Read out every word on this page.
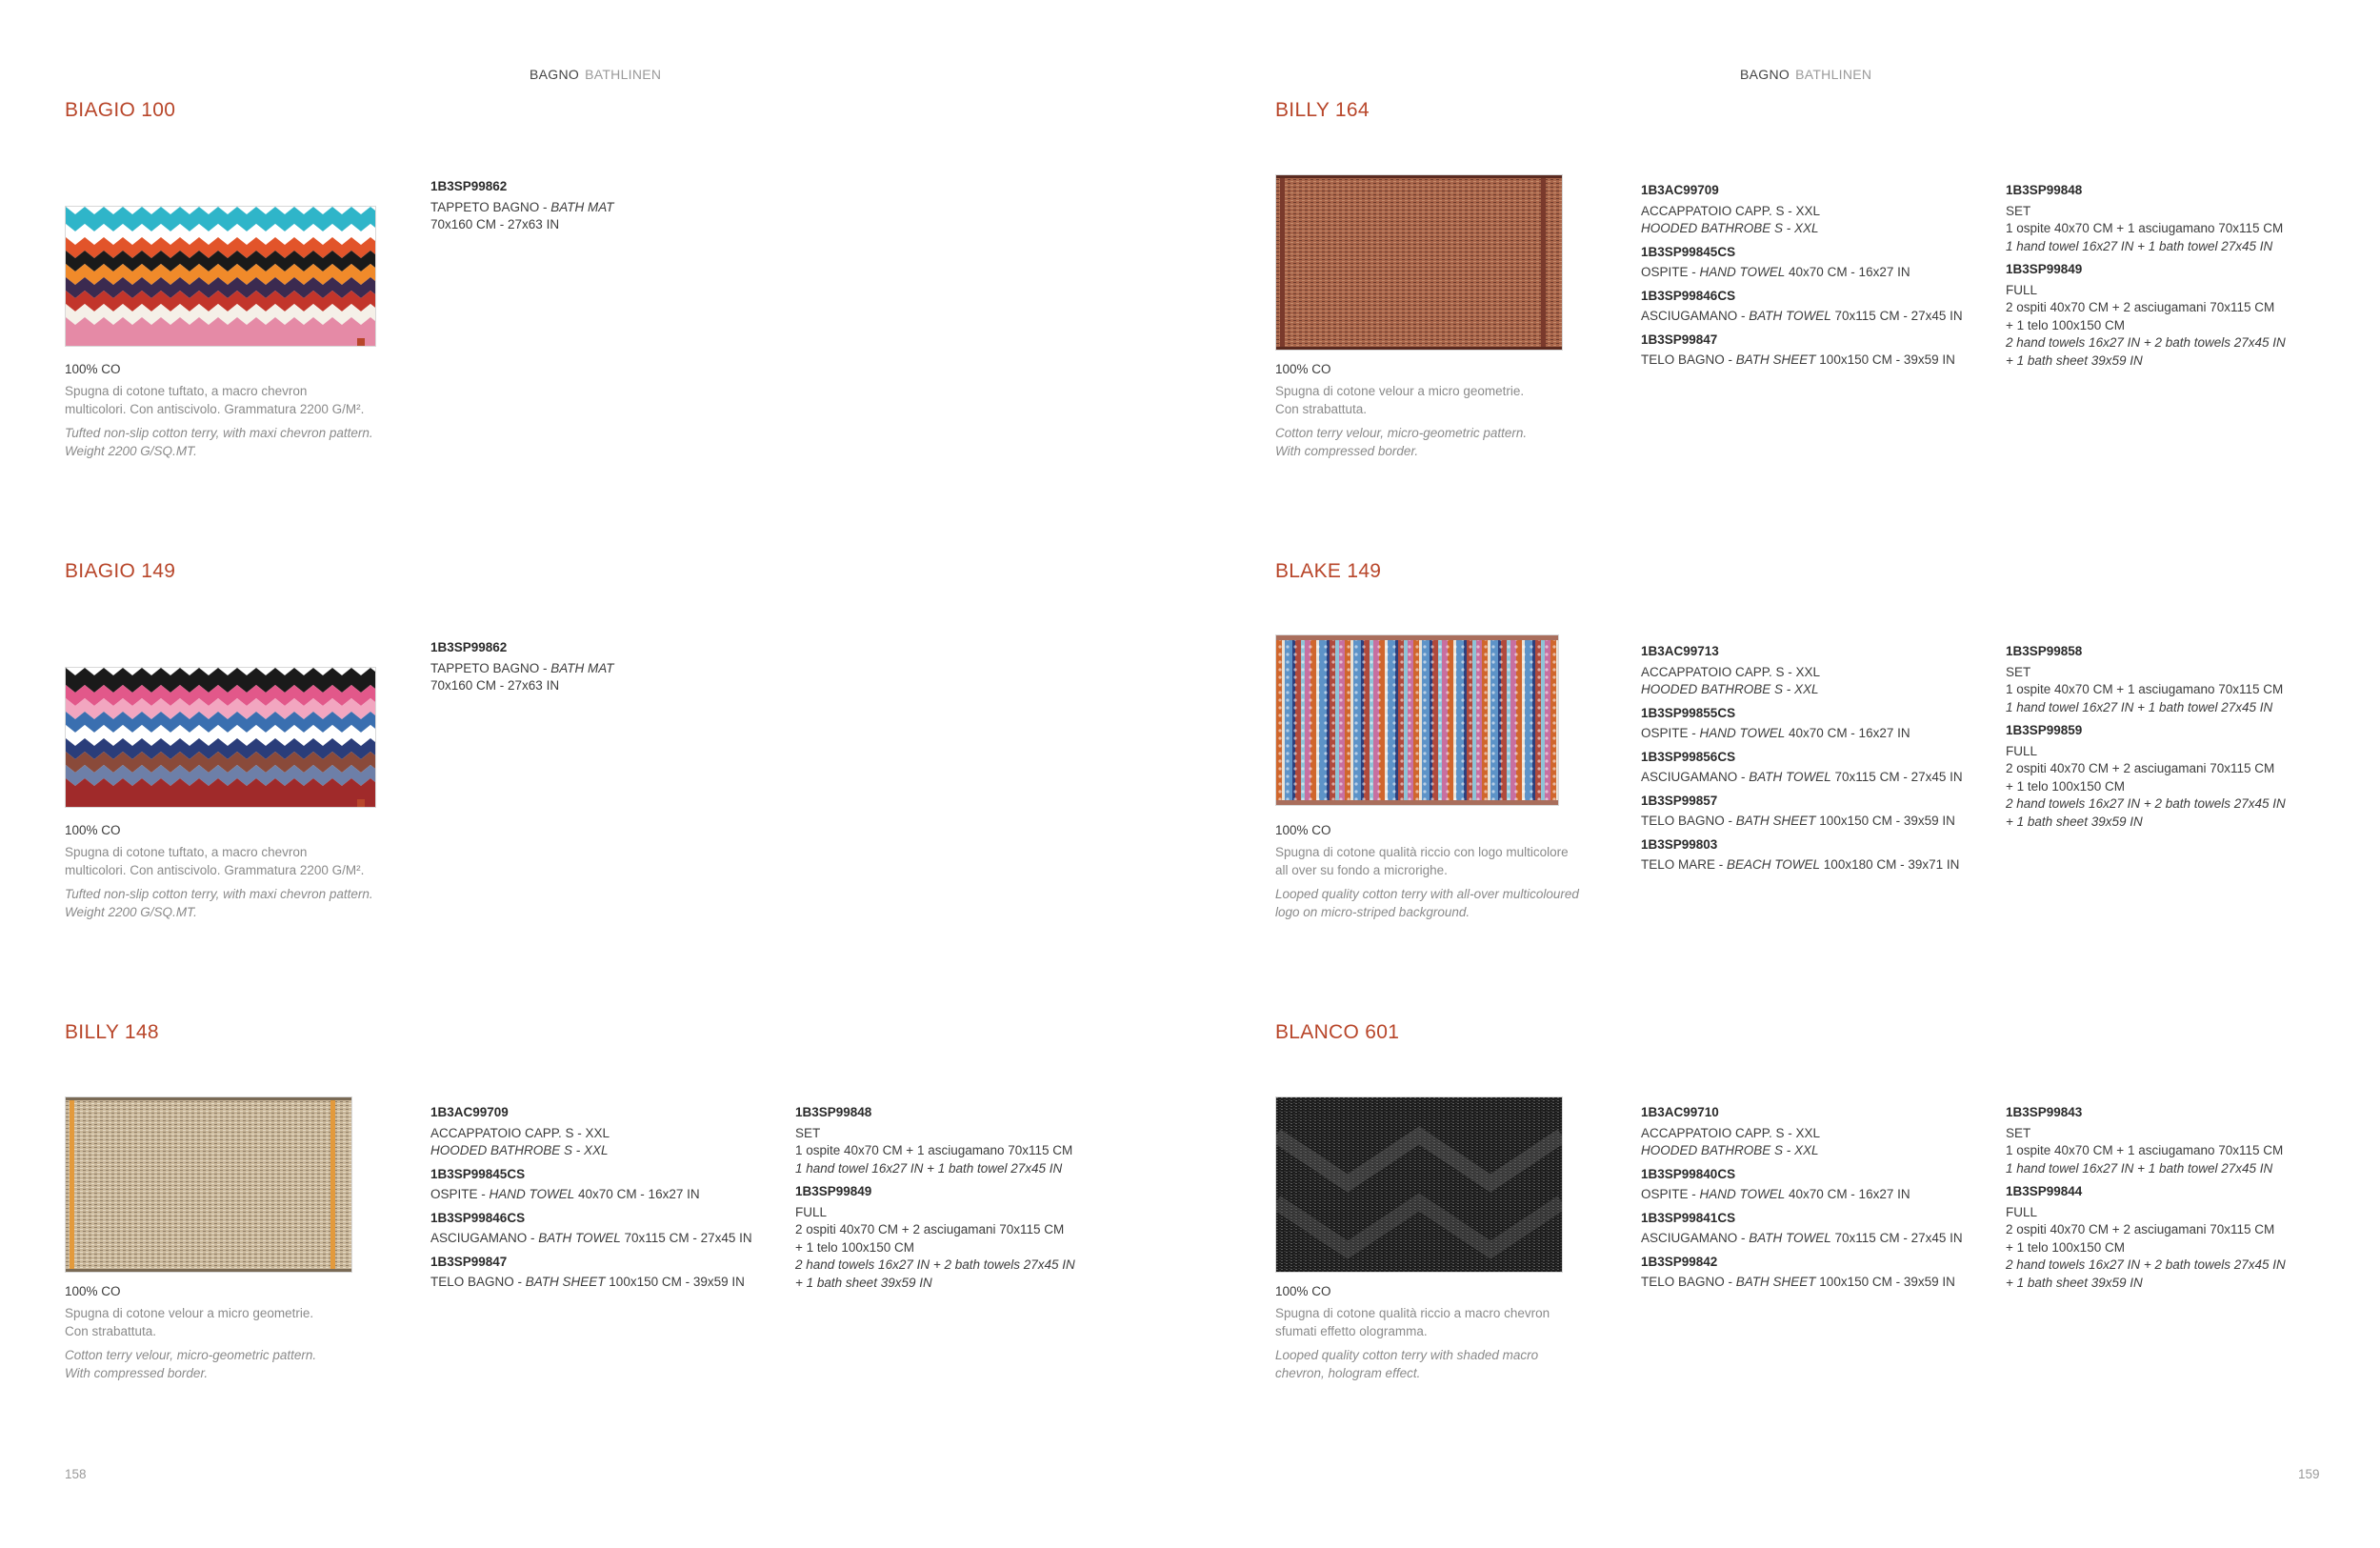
BAGNO BATHLINEN	BAGNO BATHLINEN
BIAGIO 100
100% CO
Spugna di cotone tuftato, a macro chevron
multicolori. Con antiscivolo. Grammatura 2200 G/M².
Tufted non-slip cotton terry, with maxi chevron pattern.
Weight 2200 G/SQ.MT.
1B3SP99862
TAPPETO BAGNO - BATH MAT
70x160 CM - 27x63 IN
BIAGIO 149
100% CO
Spugna di cotone tuftato, a macro chevron
multicolori. Con antiscivolo. Grammatura 2200 G/M².
Tufted non-slip cotton terry, with maxi chevron pattern.
Weight 2200 G/SQ.MT.
1B3SP99862
TAPPETO BAGNO - BATH MAT
70x160 CM - 27x63 IN
BILLY 148
100% CO
Spugna di cotone velour a micro geometrie.
Con strabattuta.
Cotton terry velour, micro-geometric pattern.
With compressed border.
1B3AC99709
ACCAPPATOIO CAPP. S - XXL
HOODED BATHROBE S - XXL
1B3SP99845CS
OSPITE - HAND TOWEL 40x70 CM - 16x27 IN
1B3SP99846CS
ASCIUGAMANO - BATH TOWEL 70x115 CM - 27x45 IN
1B3SP99847
TELO BAGNO - BATH SHEET 100x150 CM - 39x59 IN
1B3SP99848
SET
1 ospite 40x70 CM + 1 asciugamano 70x115 CM
1 hand towel 16x27 IN + 1 bath towel 27x45 IN
1B3SP99849
FULL
2 ospiti 40x70 CM + 2 asciugamani 70x115 CM
+ 1 telo 100x150 CM
2 hand towels 16x27 IN + 2 bath towels 27x45 IN
+ 1 bath sheet 39x59 IN
BILLY 164
100% CO
Spugna di cotone velour a micro geometrie.
Con strabattuta.
Cotton terry velour, micro-geometric pattern.
With compressed border.
1B3AC99709
ACCAPPATOIO CAPP. S - XXL
HOODED BATHROBE S - XXL
1B3SP99845CS
OSPITE - HAND TOWEL 40x70 CM - 16x27 IN
1B3SP99846CS
ASCIUGAMANO - BATH TOWEL 70x115 CM - 27x45 IN
1B3SP99847
TELO BAGNO - BATH SHEET 100x150 CM - 39x59 IN
1B3SP99848
SET
1 ospite 40x70 CM + 1 asciugamano 70x115 CM
1 hand towel 16x27 IN + 1 bath towel 27x45 IN
1B3SP99849
FULL
2 ospiti 40x70 CM + 2 asciugamani 70x115 CM
+ 1 telo 100x150 CM
2 hand towels 16x27 IN + 2 bath towels 27x45 IN
+ 1 bath sheet 39x59 IN
BLAKE 149
100% CO
Spugna di cotone qualità riccio con logo multicolore
all over su fondo a microrighe.
Looped quality cotton terry with all-over multicoloured
logo on micro-striped background.
1B3AC99713
ACCAPPATOIO CAPP. S - XXL
HOODED BATHROBE S - XXL
1B3SP99855CS
OSPITE - HAND TOWEL 40x70 CM - 16x27 IN
1B3SP99856CS
ASCIUGAMANO - BATH TOWEL 70x115 CM - 27x45 IN
1B3SP99857
TELO BAGNO - BATH SHEET 100x150 CM - 39x59 IN
1B3SP99803
TELO MARE - BEACH TOWEL 100x180 CM - 39x71 IN
1B3SP99858
SET
1 ospite 40x70 CM + 1 asciugamano 70x115 CM
1 hand towel 16x27 IN + 1 bath towel 27x45 IN
1B3SP99859
FULL
2 ospiti 40x70 CM + 2 asciugamani 70x115 CM
+ 1 telo 100x150 CM
2 hand towels 16x27 IN + 2 bath towels 27x45 IN
+ 1 bath sheet 39x59 IN
BLANCO 601
100% CO
Spugna di cotone qualità riccio a macro chevron
sfumati effetto ologramma.
Looped quality cotton terry with shaded macro
chevron, hologram effect.
1B3AC99710
ACCAPPATOIO CAPP. S - XXL
HOODED BATHROBE S - XXL
1B3SP99840CS
OSPITE - HAND TOWEL 40x70 CM - 16x27 IN
1B3SP99841CS
ASCIUGAMANO - BATH TOWEL 70x115 CM - 27x45 IN
1B3SP99842
TELO BAGNO - BATH SHEET 100x150 CM - 39x59 IN
1B3SP99843
SET
1 ospite 40x70 CM + 1 asciugamano 70x115 CM
1 hand towel 16x27 IN + 1 bath towel 27x45 IN
1B3SP99844
FULL
2 ospiti 40x70 CM + 2 asciugamani 70x115 CM
+ 1 telo 100x150 CM
2 hand towels 16x27 IN + 2 bath towels 27x45 IN
+ 1 bath sheet 39x59 IN
158	159
